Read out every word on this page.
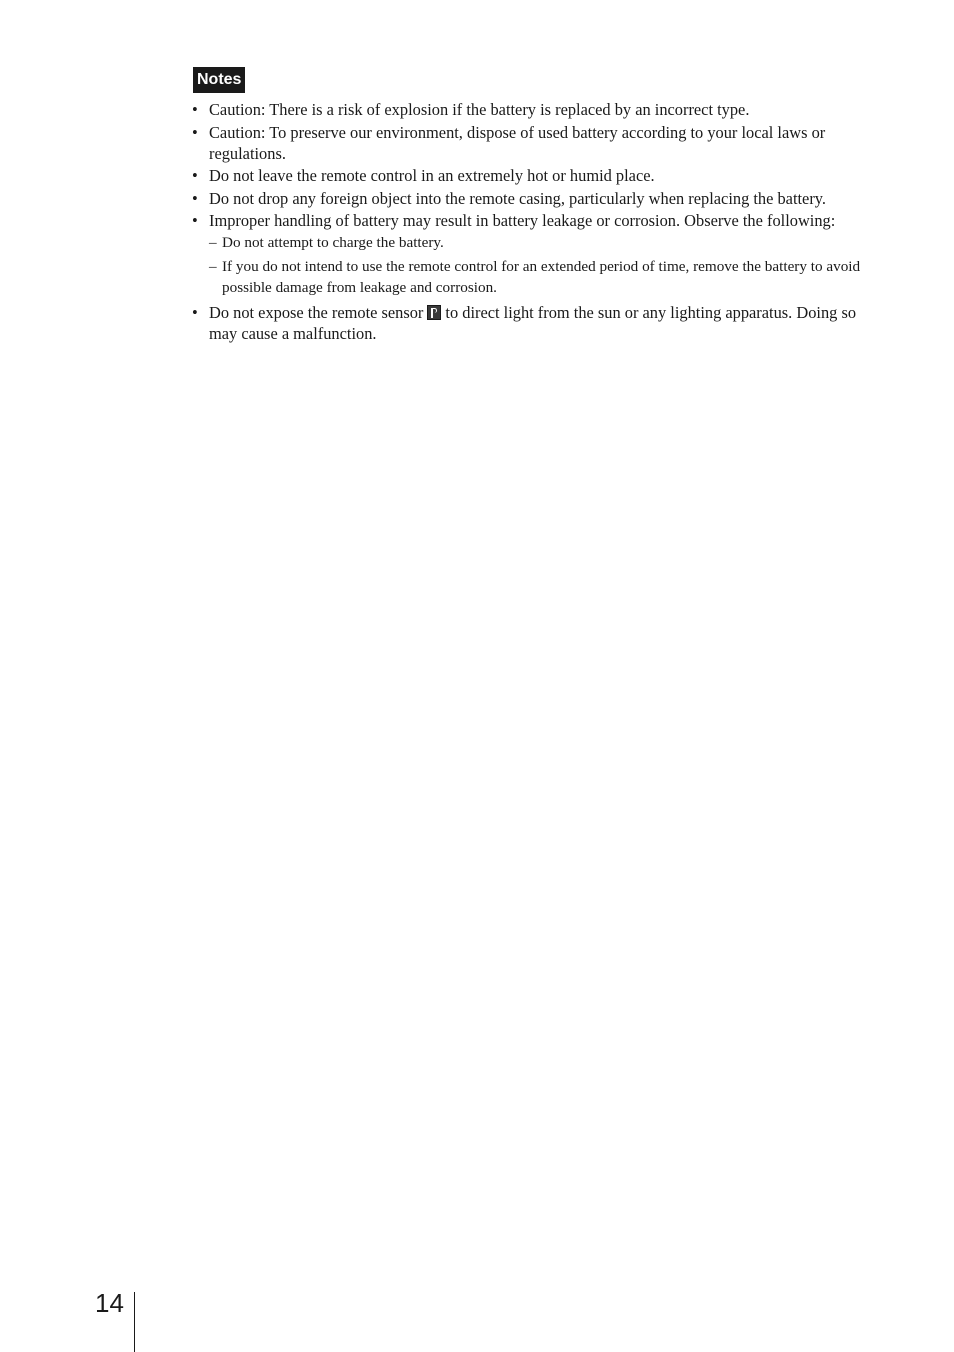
Notes
• Caution: There is a risk of explosion if the battery is replaced by an incorrect type.
• Caution: To preserve our environment, dispose of used battery according to your local laws or regulations.
• Do not leave the remote control in an extremely hot or humid place.
• Do not drop any foreign object into the remote casing, particularly when replacing the battery.
• Improper handling of battery may result in battery leakage or corrosion. Observe the following:
– Do not attempt to charge the battery.
– If you do not intend to use the remote control for an extended period of time, remove the battery to avoid possible damage from leakage and corrosion.
• Do not expose the remote sensor to direct light from the sun or any lighting apparatus. Doing so may cause a malfunction.
14
